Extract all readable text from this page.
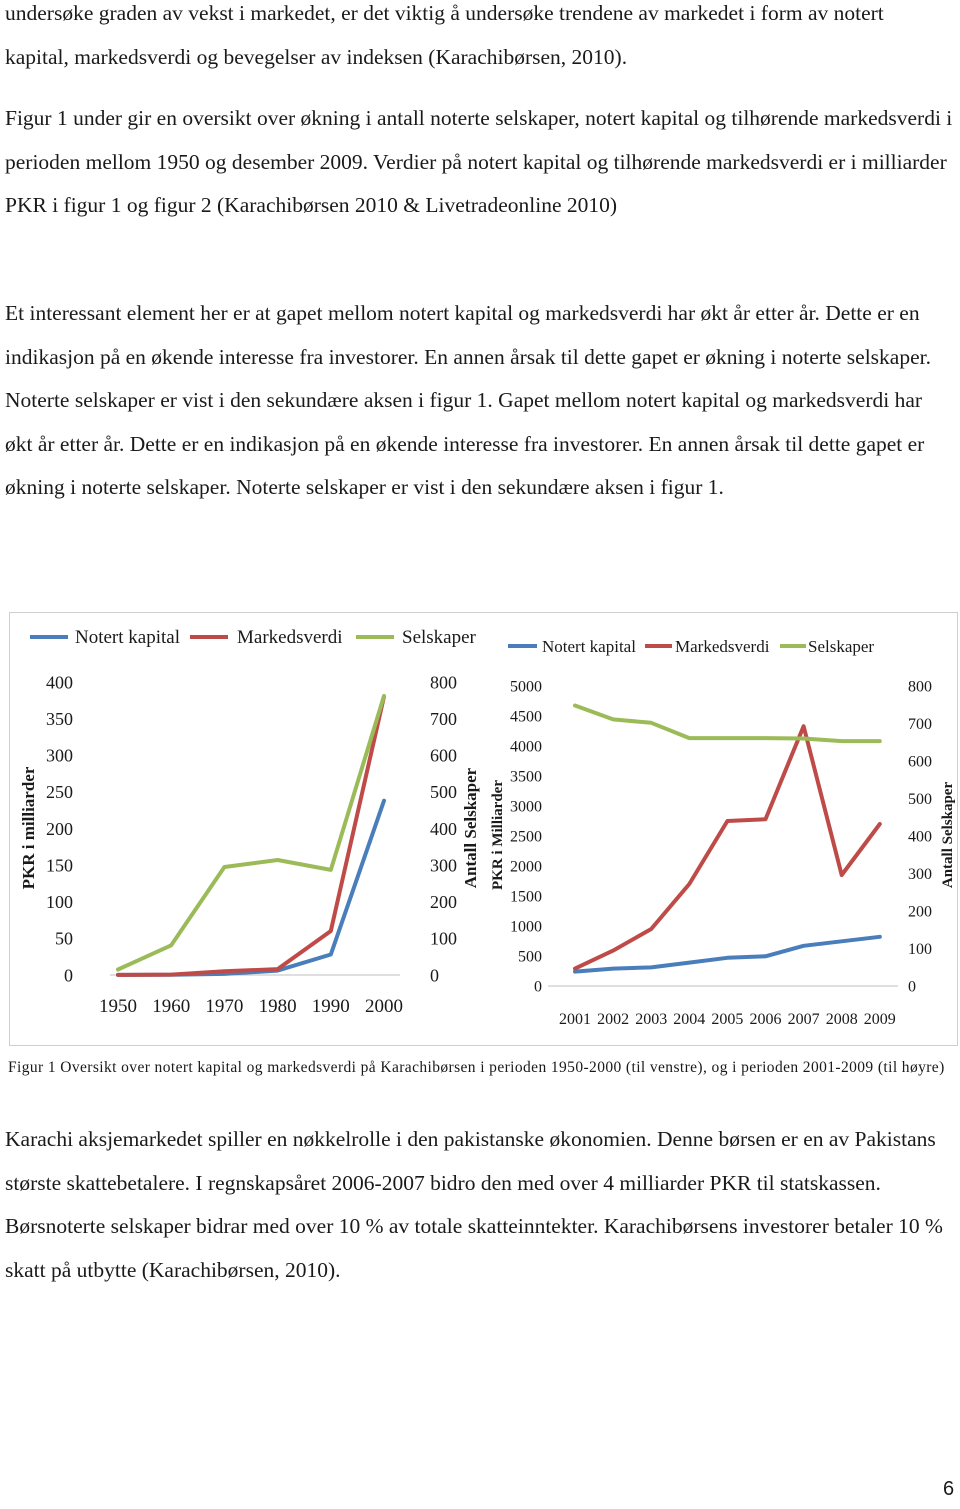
undersøke graden av vekst i markedet, er det viktig å undersøke trendene av markedet i form av notert kapital, markedsverdi og bevegelser av indeksen (Karachibørsen, 2010).

Figur 1 under gir en oversikt over økning i antall noterte selskaper, notert kapital og tilhørende markedsverdi i perioden mellom 1950 og desember 2009. Verdier på notert kapital og tilhørende markedsverdi er i milliarder PKR i figur 1 og figur 2 (Karachibørsen 2010 & Livetradeonline 2010)

Et interessant element her er at gapet mellom notert kapital og markedsverdi har økt år etter år. Dette er en indikasjon på en økende interesse fra investorer. En annen årsak til dette gapet er økning i noterte selskaper. Noterte selskaper er vist i den sekundære aksen i figur 1. Gapet mellom notert kapital og markedsverdi har økt år etter år. Dette er en indikasjon på en økende interesse fra investorer. En annen årsak til dette gapet er økning i noterte selskaper. Noterte selskaper er vist i den sekundære aksen i figur 1.

0
50
100
150
200
250
300
350
400
0
100
200
300
400
500
600
700
800
1950 1960 1970 1980 1990 2000
PKR i milliarder	Antall Selskaper
Notert kapital	Markedsverdi	Selskaper
0
500
1000
1500
2000
2500
3000
3500
4000
4500
5000
0
100
200
300
400
500
600
700
800
2001 2002 2003 2004 2005 2006 2007 2008 2009
PKR i Milliarder	Antall Selskaper
Notert kapital Markedsverdi Selskaper
Figur 1 Oversikt over notert kapital og markedsverdi på Karachibørsen i perioden 1950-2000 (til venstre), og i perioden 2001-2009 (til høyre)

Karachi aksjemarkedet spiller en nøkkelrolle i den pakistanske økonomien. Denne børsen er en av Pakistans største skattebetalere. I regnskapsåret 2006-2007 bidro den med over 4 milliarder PKR til statskassen. Børsnoterte selskaper bidrar med over 10 % av totale skatteinntekter. Karachibørsens investorer betaler 10 % skatt på utbytte (Karachibørsen, 2010).

6
